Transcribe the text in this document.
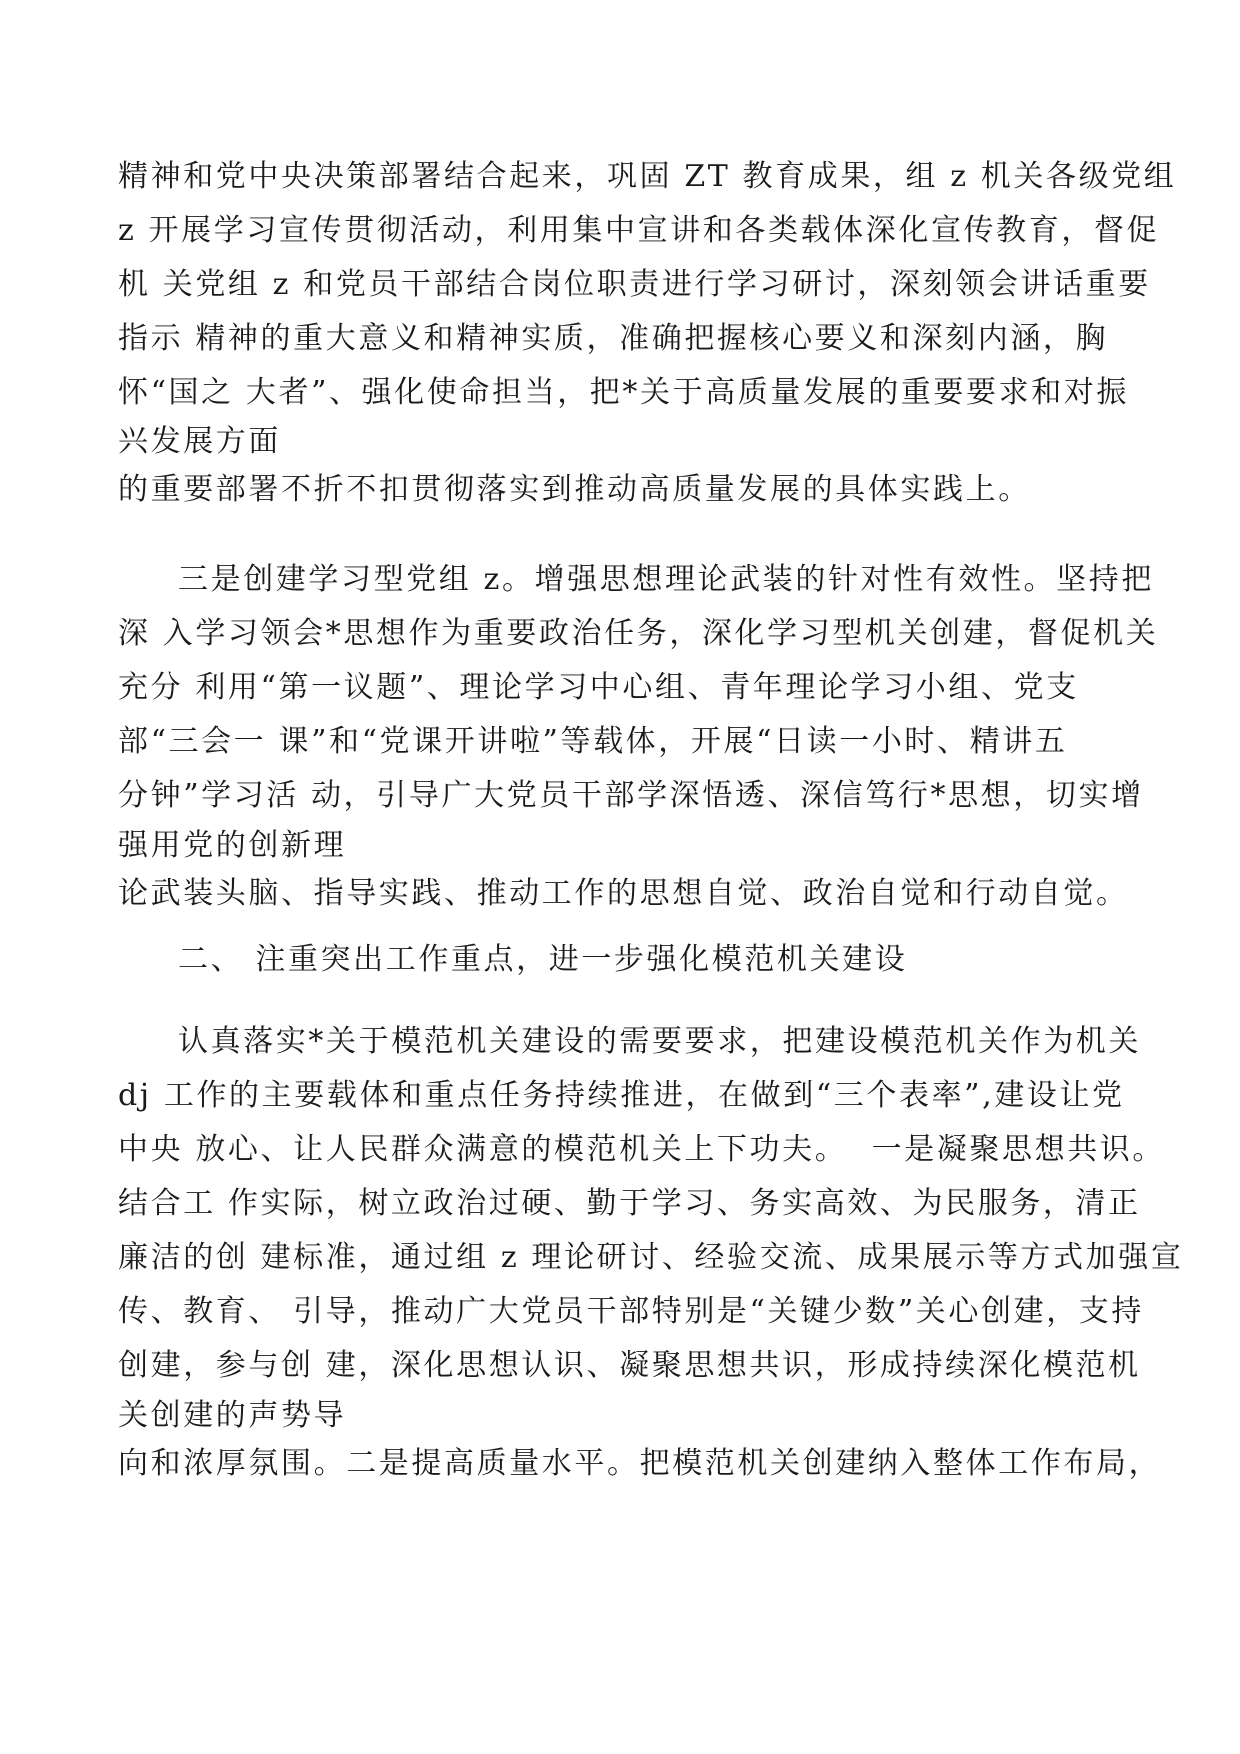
精神和党中央决策部署结合起来，巩固 ZT 教育成果，组 z 机关各级党组
z 开展学习宣传贯彻活动，利用集中宣讲和各类载体深化宣传教育，督促
机 关党组 z 和党员干部结合岗位职责进行学习研讨，深刻领会讲话重要
指示 精神的重大意义和精神实质，准确把握核心要义和深刻内涵，胸
怀“国之 大者”、强化使命担当，把*关于高质量发展的重要要求和对振
兴发展方面
的重要部署不折不扣贯彻落实到推动高质量发展的具体实践上。
三是创建学习型党组 z。增强思想理论武装的针对性有效性。坚持把
深 入学习领会*思想作为重要政治任务，深化学习型机关创建，督促机关
充分 利用“第一议题”、理论学习中心组、青年理论学习小组、党支
部“三会一 课”和“党课开讲啦”等载体，开展“日读一小时、精讲五
分钟”学习活 动，引导广大党员干部学深悟透、深信笃行*思想，切实增
强用党的创新理
论武装头脑、指导实践、推动工作的思想自觉、政治自觉和行动自觉。
二、 注重突出工作重点，进一步强化模范机关建设
认真落实*关于模范机关建设的需要要求，把建设模范机关作为机关
dj 工作的主要载体和重点任务持续推进，在做到“三个表率”,建设让党
中央 放心、让人民群众满意的模范机关上下功夫。  一是凝聚思想共识。
结合工 作实际，树立政治过硬、勤于学习、务实高效、为民服务，清正
廉洁的创 建标准，通过组 z 理论研讨、经验交流、成果展示等方式加强宣
传、教育、 引导，推动广大党员干部特别是“关键少数”关心创建，支持
创建，参与创 建，深化思想认识、凝聚思想共识，形成持续深化模范机
关创建的声势导
向和浓厚氛围。二是提高质量水平。把模范机关创建纳入整体工作布局，
